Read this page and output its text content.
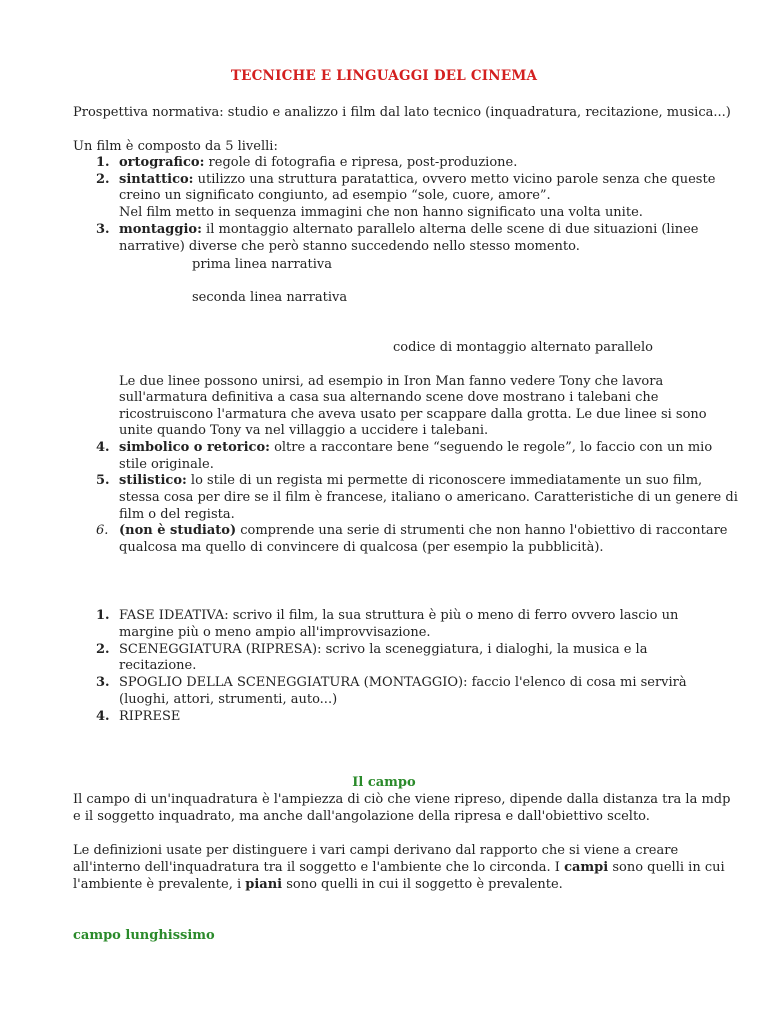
TECNICHE E LINGUAGGI DEL CINEMA
Prospettiva normativa: studio e analizzo i film dal lato tecnico (inquadratura, recitazione, musica...)
Un film è composto da 5 livelli:
1. ortografico: regole di fotografia e ripresa, post-produzione.
2. sintattico: utilizzo una struttura paratattica, ovvero metto vicino parole senza che queste
creino un significato congiunto, ad esempio “sole, cuore, amore”.
Nel film metto in sequenza immagini che non hanno significato una volta unite.
3. montaggio: il montaggio alternato parallelo alterna delle scene di due situazioni (linee
narrative) diverse che però stanno succedendo nello stesso momento.
prima linea narrativa
seconda linea narrativa
codice di montaggio alternato parallelo
Le due linee possono unirsi, ad esempio in Iron Man fanno vedere Tony che lavora
sull'armatura definitiva a casa sua alternando scene dove mostrano i talebani che
ricostruiscono l'armatura che aveva usato per scappare dalla grotta. Le due linee si sono
unite quando Tony va nel villaggio a uccidere i talebani.
4. simbolico o retorico: oltre a raccontare bene “seguendo le regole”, lo faccio con un mio
stile originale.
5. stilistico: lo stile di un regista mi permette di riconoscere immediatamente un suo film,
stessa cosa per dire se il film è francese, italiano o americano. Caratteristiche di un genere di
film o del regista.
6. (non è studiato) comprende una serie di strumenti che non hanno l'obiettivo di raccontare
qualcosa ma quello di convincere di qualcosa (per esempio la pubblicità).
1. FASE IDEATIVA: scrivo il film, la sua struttura è più o meno di ferro ovvero lascio un
margine più o meno ampio all'improvvisazione.
2. SCENEGGIATURA (RIPRESA): scrivo la sceneggiatura, i dialoghi, la musica e la
recitazione.
3. SPOGLIO DELLA SCENEGGIATURA (MONTAGGIO): faccio l'elenco di cosa mi servirà
(luoghi, attori, strumenti, auto...)
4. RIPRESE
Il campo
Il campo di un'inquadratura è l'ampiezza di ciò che viene ripreso, dipende dalla distanza tra la mdp
e il soggetto inquadrato, ma anche dall'angolazione della ripresa e dall'obiettivo scelto.
Le definizioni usate per distinguere i vari campi derivano dal rapporto che si viene a creare
all'interno dell'inquadratura tra il soggetto e l'ambiente che lo circonda. I campi sono quelli in cui
l'ambiente è prevalente, i piani sono quelli in cui il soggetto è prevalente.
campo lunghissimo
